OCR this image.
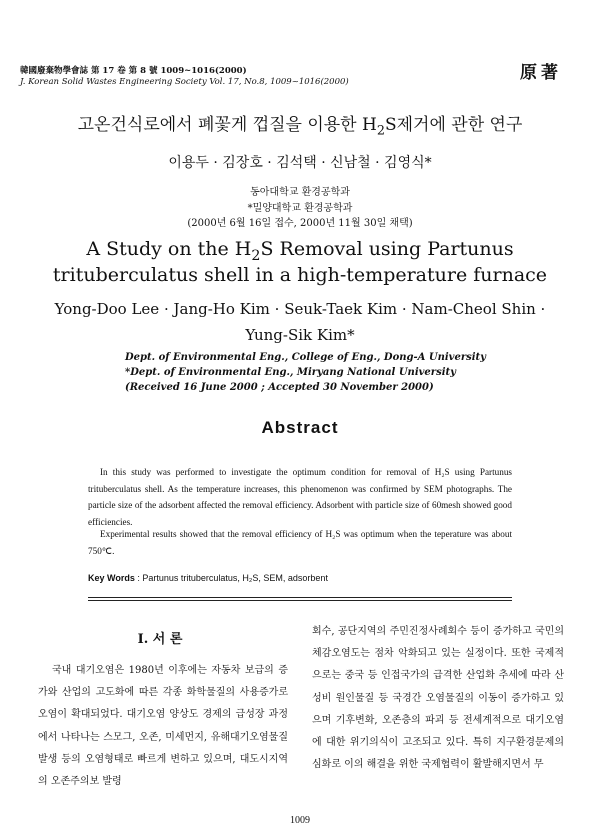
韓國廢棄物學會誌 第 17 卷 第 8 號 1009~1016(2000)
J. Korean Solid Wastes Engineering Society Vol. 17, No.8, 1009~1016(2000)	原著
고온건식로에서 폐꽃게 껍질을 이용한 $H_2S$제거에 관한 연구
이용두 · 김장호 · 김석택 · 신남철 · 김영식*
동아대학교 환경공학과
*밀양대학교 환경공학과
(2000년 6월 16일 접수, 2000년 11월 30일 채택)
A Study on the $H_2S$ Removal using Partunus
trituberculatus shell in a high-temperature furnace
Yong-Doo Lee · Jang-Ho Kim · Seuk-Taek Kim · Nam-Cheol Shin ·
Yung-Sik Kim*
Dept. of Environmental Eng., College of Eng., Dong-A University
*Dept. of Environmental Eng., Miryang National University
(Received 16 June 2000 ; Accepted 30 November 2000)
Abstract
In this study was performed to investigate the optimum condition for removal of H₂S using Partunus trituberculatus shell. As the temperature increases, this phenomenon was confirmed by SEM photographs. The particle size of the adsorbent affected the removal efficiency. Adsorbent with particle size of 60mesh showed good efficiencies.
Experimental results showed that the removal efficiency of H₂S was optimum when the teperature was about 750℃.
Key Words : Partunus trituberculatus, H₂S, SEM, adsorbent
Ⅰ. 서 론
국내 대기오염은 1980년 이후에는 자동차 보급의 증가와 산업의 고도화에 따른 각종 화학물질의 사용증가로 오염이 확대되었다. 대기오염 양상도 경제의 급성장 과정에서 나타나는 스모그, 오존, 미세먼지, 유해대기오염물질발생 등의 오염형태로 빠르게 변하고 있으며, 대도시지역의 오존주의보 발령
회수, 공단지역의 주민진정사례회수 등이 증가하고 국민의 체감오염도는 점차 악화되고 있는 실정이다. 또한 국제적으로는 중국 등 인접국가의 급격한 산업화 추세에 따라 산성비 원인물질 등 국경간 오염물질의 이동이 증가하고 있으며 기후변화, 오존층의 파괴 등 전세계적으로 대기오염에 대한 위기의식이 고조되고 있다. 특히 지구환경문제의 심화로 이의 해결을 위한 국제협력이 활발해지면서 무
1009
